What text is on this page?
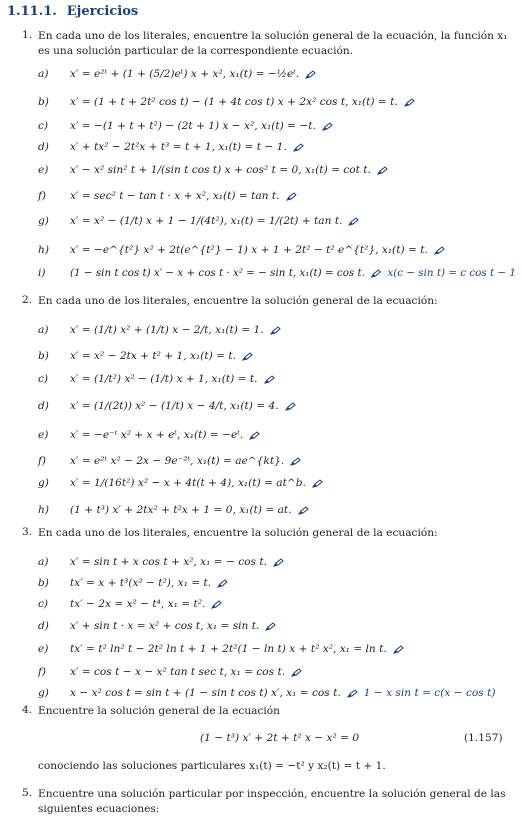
1.11.1. Ejercicios
1. En cada uno de los literales, encuentre la solución general de la ecuación, la función x₁ es una solución particular de la correspondiente ecuación.
2. En cada uno de los literales, encuentre la solución general de la ecuación:
3. En cada uno de los literales, encuentre la solución general de la ecuación:
4. Encuentre la solución general de la ecuación
(1 − t³) x′ + 2t + t² x − x² = 0	(1.157)
conociendo las soluciones particulares x₁(t) = −t² y x₂(t) = t + 1.
5. Encuentre una solución particular por inspección, encuentre la solución general de las siguientes ecuaciones:
a) x′ = e²ᵗ + (1 + (5/2)eᵗ) x + x², x₁(t) = −½eᵗ.
b) x′ = (1 + t + 2t² cos t) − (1 + 4t cos t) x + 2x² cos t, x₁(t) = t.
c) x′ = −(1 + t + t²) − (2t + 1) x − x², x₁(t) = −t.
d) x′ + tx² − 2t²x + t³ = t + 1, x₁(t) = t − 1.
e) x′ − x² sin² t + 1/(sin t cos t) x + cos² t = 0, x₁(t) = cot t.
f) x′ = sec² t − tan t · x + x², x₁(t) = tan t.
g) x′ = x² − (1/t) x + 1 − 1/(4t²), x₁(t) = 1/(2t) + tan t.
h) x′ = −e^{t²} x² + 2t(e^{t²} − 1) x + 1 + 2t² − t² e^{t²}, x₁(t) = t.
i) (1 − sin t cos t) x′ − x + cos t · x² = − sin t, x₁(t) = cos t. x(c − sin t) = c cos t − 1
a) x′ = (1/t) x² + (1/t) x − 2/t, x₁(t) = 1.
b) x′ = x² − 2tx + t² + 1, x₁(t) = t.
c) x′ = (1/t²) x² − (1/t) x + 1, x₁(t) = t.
d) x′ = (1/(2t)) x² − (1/t) x − 4/t, x₁(t) = 4.
e) x′ = −e⁻ᵗ x² + x + eᵗ, x₁(t) = −eᵗ.
f) x′ = e²ᵗ x² − 2x − 9e⁻²ᵗ, x₁(t) = ae^{kt}.
g) x′ = 1/(16t²) x² − x + 4t(t + 4), x₁(t) = at^b.
h) (1 + t³) x′ + 2tx² + t²x + 1 = 0, x₁(t) = at.
a) x′ = sin t + x cos t + x², x₁ = − cos t.
b) tx′ = x + t³(x² − t²), x₁ = t.
c) tx′ − 2x = x² − t⁴, x₁ = t².
d) x′ + sin t · x = x² + cos t, x₁ = sin t.
e) tx′ = t² ln² t − 2t² ln t + 1 + 2t²(1 − ln t) x + t² x², x₁ = ln t.
f) x′ = cos t − x − x² tan t sec t, x₁ = cos t.
g) x − x² cos t = sin t + (1 − sin t cos t) x′, x₁ = cos t. 1 − x sin t = c(x − cos t)
